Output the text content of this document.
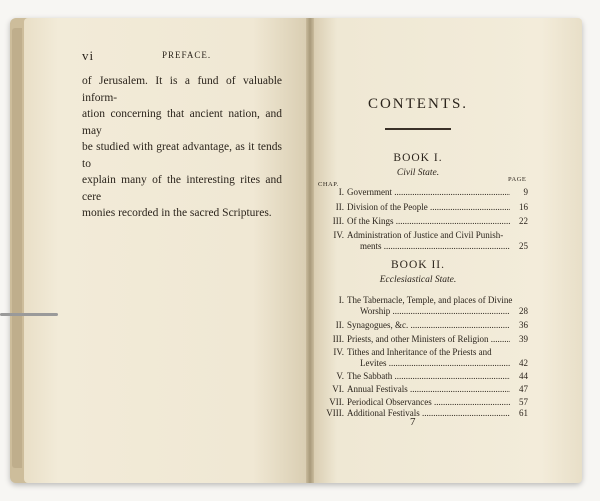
vi	PREFACE.
of Jerusalem. It is a fund of valuable inform-
ation concerning that ancient nation, and may
be studied with great advantage, as it tends to
explain many of the interesting rites and cere
monies recorded in the sacred Scriptures.
CONTENTS.
BOOK I.
Civil State.
CHAP.
PAGE
I. Government .....	9
II. Division of the People .....	16
III. Of the Kings .....	22
IV. Administration of Justice and Civil Punish-
ments .....	25
BOOK II.
Ecclesiastical State.
I. The Tabernacle, Temple, and places of Divine
Worship .....	28
II. Synagogues, &c. .....	36
III. Priests, and other Ministers of Religion .....	39
IV. Tithes and Inheritance of the Priests and
Levites .....	42
V. The Sabbath .....	44
VI. Annual Festivals .....	47
VII. Periodical Observances .....	57
VIII. Additional Festivals .....	61
7
